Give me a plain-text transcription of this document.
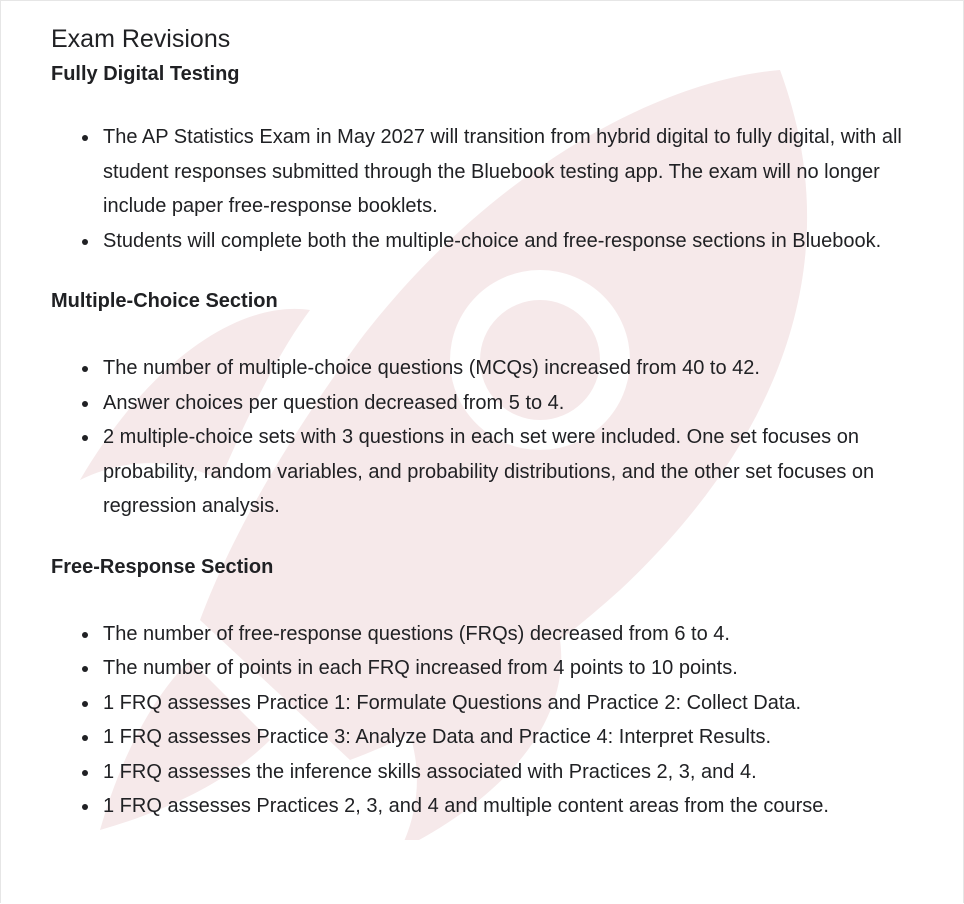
Exam Revisions
Fully Digital Testing
The AP Statistics Exam in May 2027 will transition from hybrid digital to fully digital, with all student responses submitted through the Bluebook testing app. The exam will no longer include paper free-response booklets.
Students will complete both the multiple-choice and free-response sections in Bluebook.
Multiple-Choice Section
The number of multiple-choice questions (MCQs) increased from 40 to 42.
Answer choices per question decreased from 5 to 4.
2 multiple-choice sets with 3 questions in each set were included. One set focuses on probability, random variables, and probability distributions, and the other set focuses on regression analysis.
Free-Response Section
The number of free-response questions (FRQs) decreased from 6 to 4.
The number of points in each FRQ increased from 4 points to 10 points.
1 FRQ assesses Practice 1: Formulate Questions and Practice 2: Collect Data.
1 FRQ assesses Practice 3: Analyze Data and Practice 4: Interpret Results.
1 FRQ assesses the inference skills associated with Practices 2, 3, and 4.
1 FRQ assesses Practices 2, 3, and 4 and multiple content areas from the course.
